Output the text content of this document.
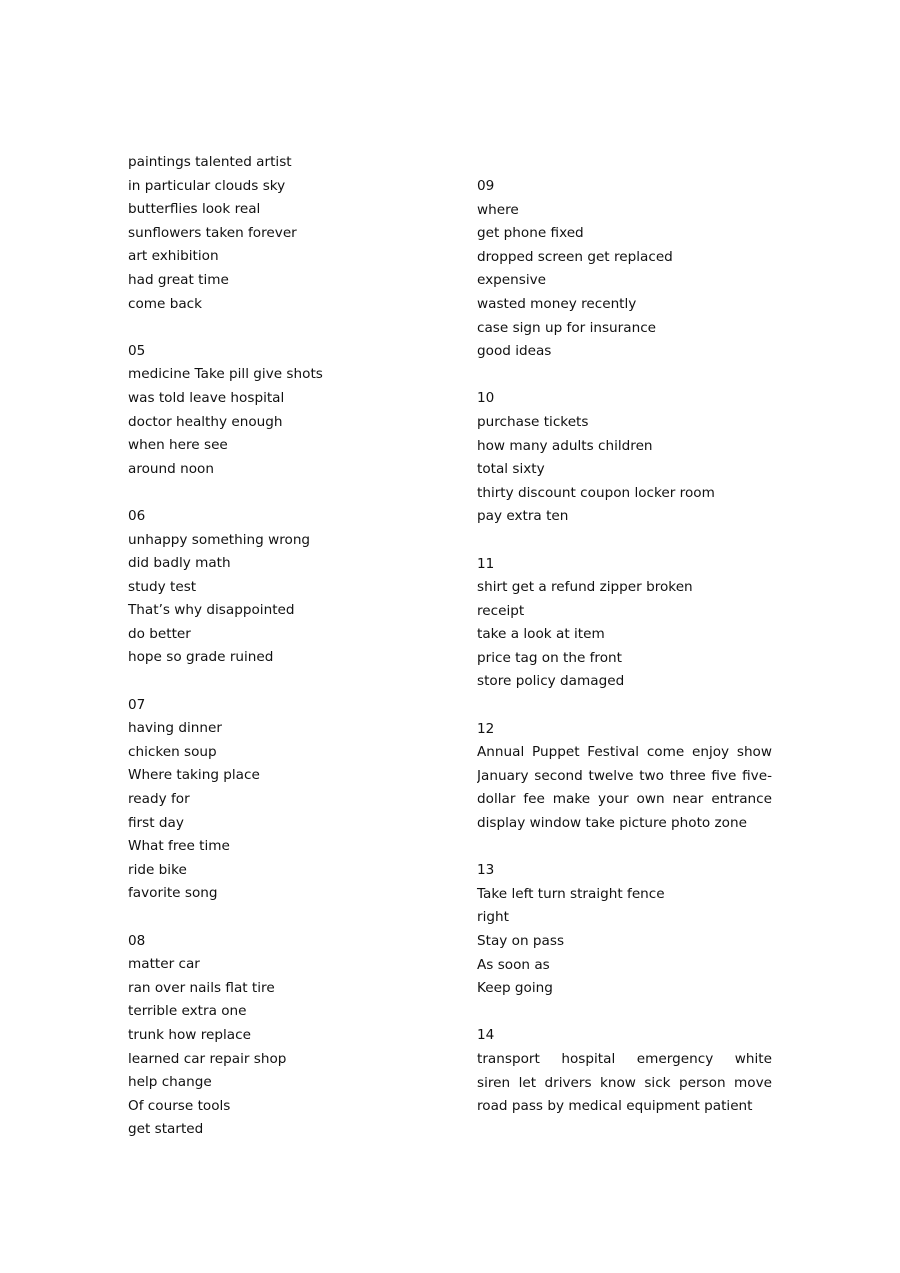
paintings talented artist
in particular clouds sky
butterflies look real
sunflowers taken forever
art exhibition
had great time
come back
05
medicine Take pill give shots
was told leave hospital
doctor healthy enough
when here see
around noon
06
unhappy something wrong
did badly math
study test
That’s why disappointed
do better
hope so grade ruined
07
having dinner
chicken soup
Where taking place
ready for
first day
What free time
ride bike
favorite song
08
matter car
ran over nails flat tire
terrible extra one
trunk how replace
learned car repair shop
help change
Of course tools
get started
09
where
get phone fixed
dropped screen get replaced
expensive
wasted money recently
case sign up for insurance
good ideas
10
purchase tickets
how many adults children
total sixty
thirty discount coupon locker room
pay extra ten
11
shirt get a refund zipper broken
receipt
take a look at item
price tag on the front
store policy damaged
12
Annual Puppet Festival come enjoy show
January second twelve two three five five-
dollar fee make your own near entrance
display window take picture photo zone
13
Take left turn straight fence
right
Stay on pass
As soon as
Keep going
14
transport hospital emergency white
siren let drivers know sick person move
road pass by medical equipment patient
